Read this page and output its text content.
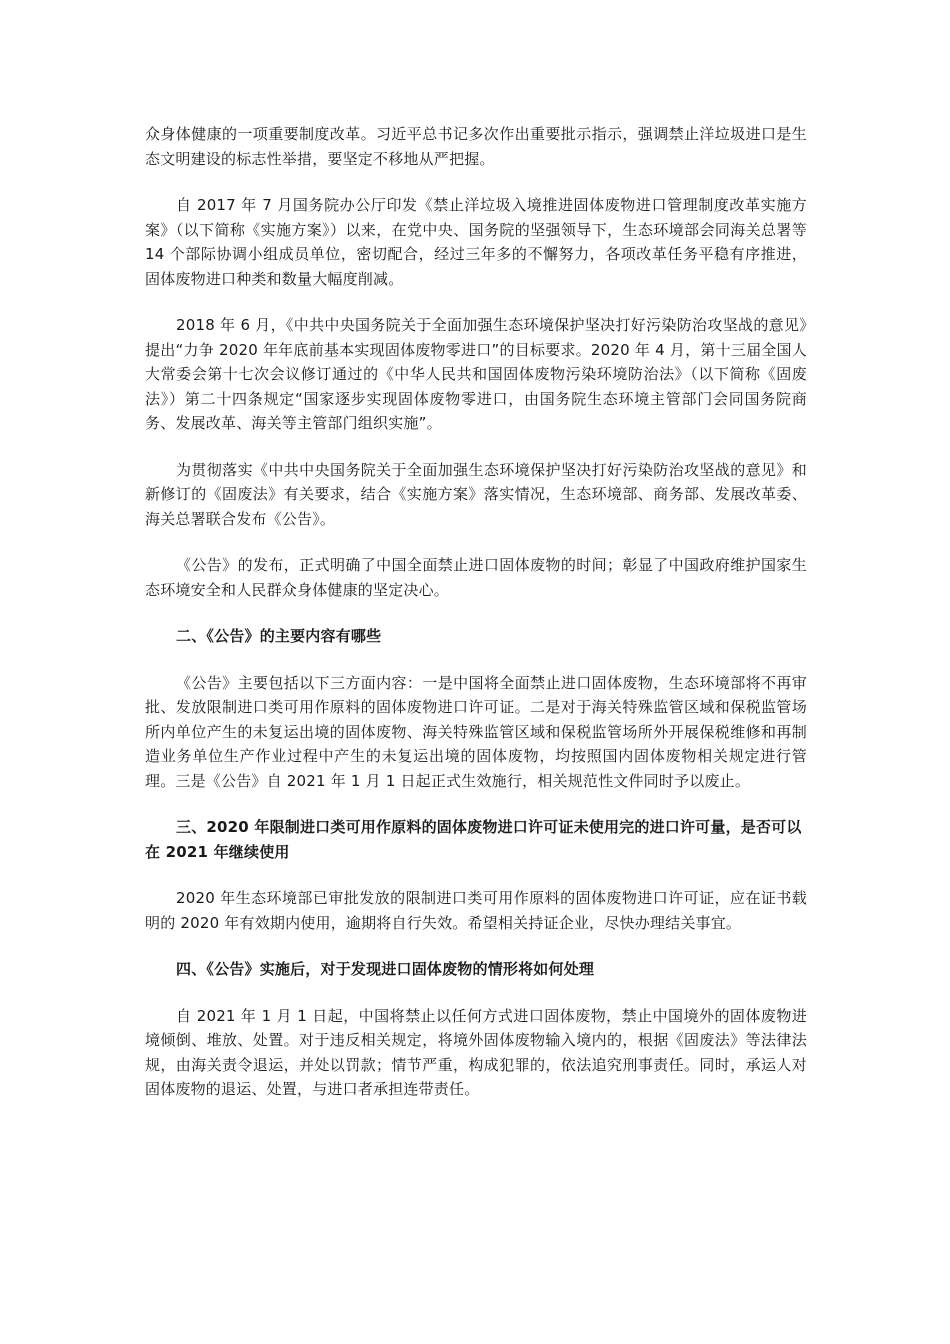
众身体健康的一项重要制度改革。习近平总书记多次作出重要批示指示，强调禁止洋垃圾进口是生态文明建设的标志性举措，要坚定不移地从严把握。

自 2017 年 7 月国务院办公厅印发《禁止洋垃圾入境推进固体废物进口管理制度改革实施方案》（以下简称《实施方案》）以来，在党中央、国务院的坚强领导下，生态环境部会同海关总署等 14 个部际协调小组成员单位，密切配合，经过三年多的不懈努力，各项改革任务平稳有序推进，固体废物进口种类和数量大幅度削减。

2018 年 6 月，《中共中央国务院关于全面加强生态环境保护坚决打好污染防治攻坚战的意见》提出“力争 2020 年年底前基本实现固体废物零进口”的目标要求。2020 年 4 月，第十三届全国人大常委会第十七次会议修订通过的《中华人民共和国固体废物污染环境防治法》（以下简称《固废法》）第二十四条规定“国家逐步实现固体废物零进口，由国务院生态环境主管部门会同国务院商务、发展改革、海关等主管部门组织实施”。

为贯彻落实《中共中央国务院关于全面加强生态环境保护坚决打好污染防治攻坚战的意见》和新修订的《固废法》有关要求，结合《实施方案》落实情况，生态环境部、商务部、发展改革委、海关总署联合发布《公告》。

《公告》的发布，正式明确了中国全面禁止进口固体废物的时间；彰显了中国政府维护国家生态环境安全和人民群众身体健康的坚定决心。

二、《公告》的主要内容有哪些

《公告》主要包括以下三方面内容：一是中国将全面禁止进口固体废物，生态环境部将不再审批、发放限制进口类可用作原料的固体废物进口许可证。二是对于海关特殊监管区域和保税监管场所内单位产生的未复运出境的固体废物、海关特殊监管区域和保税监管场所外开展保税维修和再制造业务单位生产作业过程中产生的未复运出境的固体废物，均按照国内固体废物相关规定进行管理。三是《公告》自 2021 年 1 月 1 日起正式生效施行，相关规范性文件同时予以废止。

三、2020 年限制进口类可用作原料的固体废物进口许可证未使用完的进口许可量，是否可以在 2021 年继续使用

2020 年生态环境部已审批发放的限制进口类可用作原料的固体废物进口许可证，应在证书载明的 2020 年有效期内使用，逾期将自行失效。希望相关持证企业，尽快办理结关事宜。

四、《公告》实施后，对于发现进口固体废物的情形将如何处理

自 2021 年 1 月 1 日起，中国将禁止以任何方式进口固体废物，禁止中国境外的固体废物进境倾倒、堆放、处置。对于违反相关规定，将境外固体废物输入境内的，根据《固废法》等法律法规，由海关责令退运，并处以罚款；情节严重，构成犯罪的，依法追究刑事责任。同时，承运人对固体废物的退运、处置，与进口者承担连带责任。
